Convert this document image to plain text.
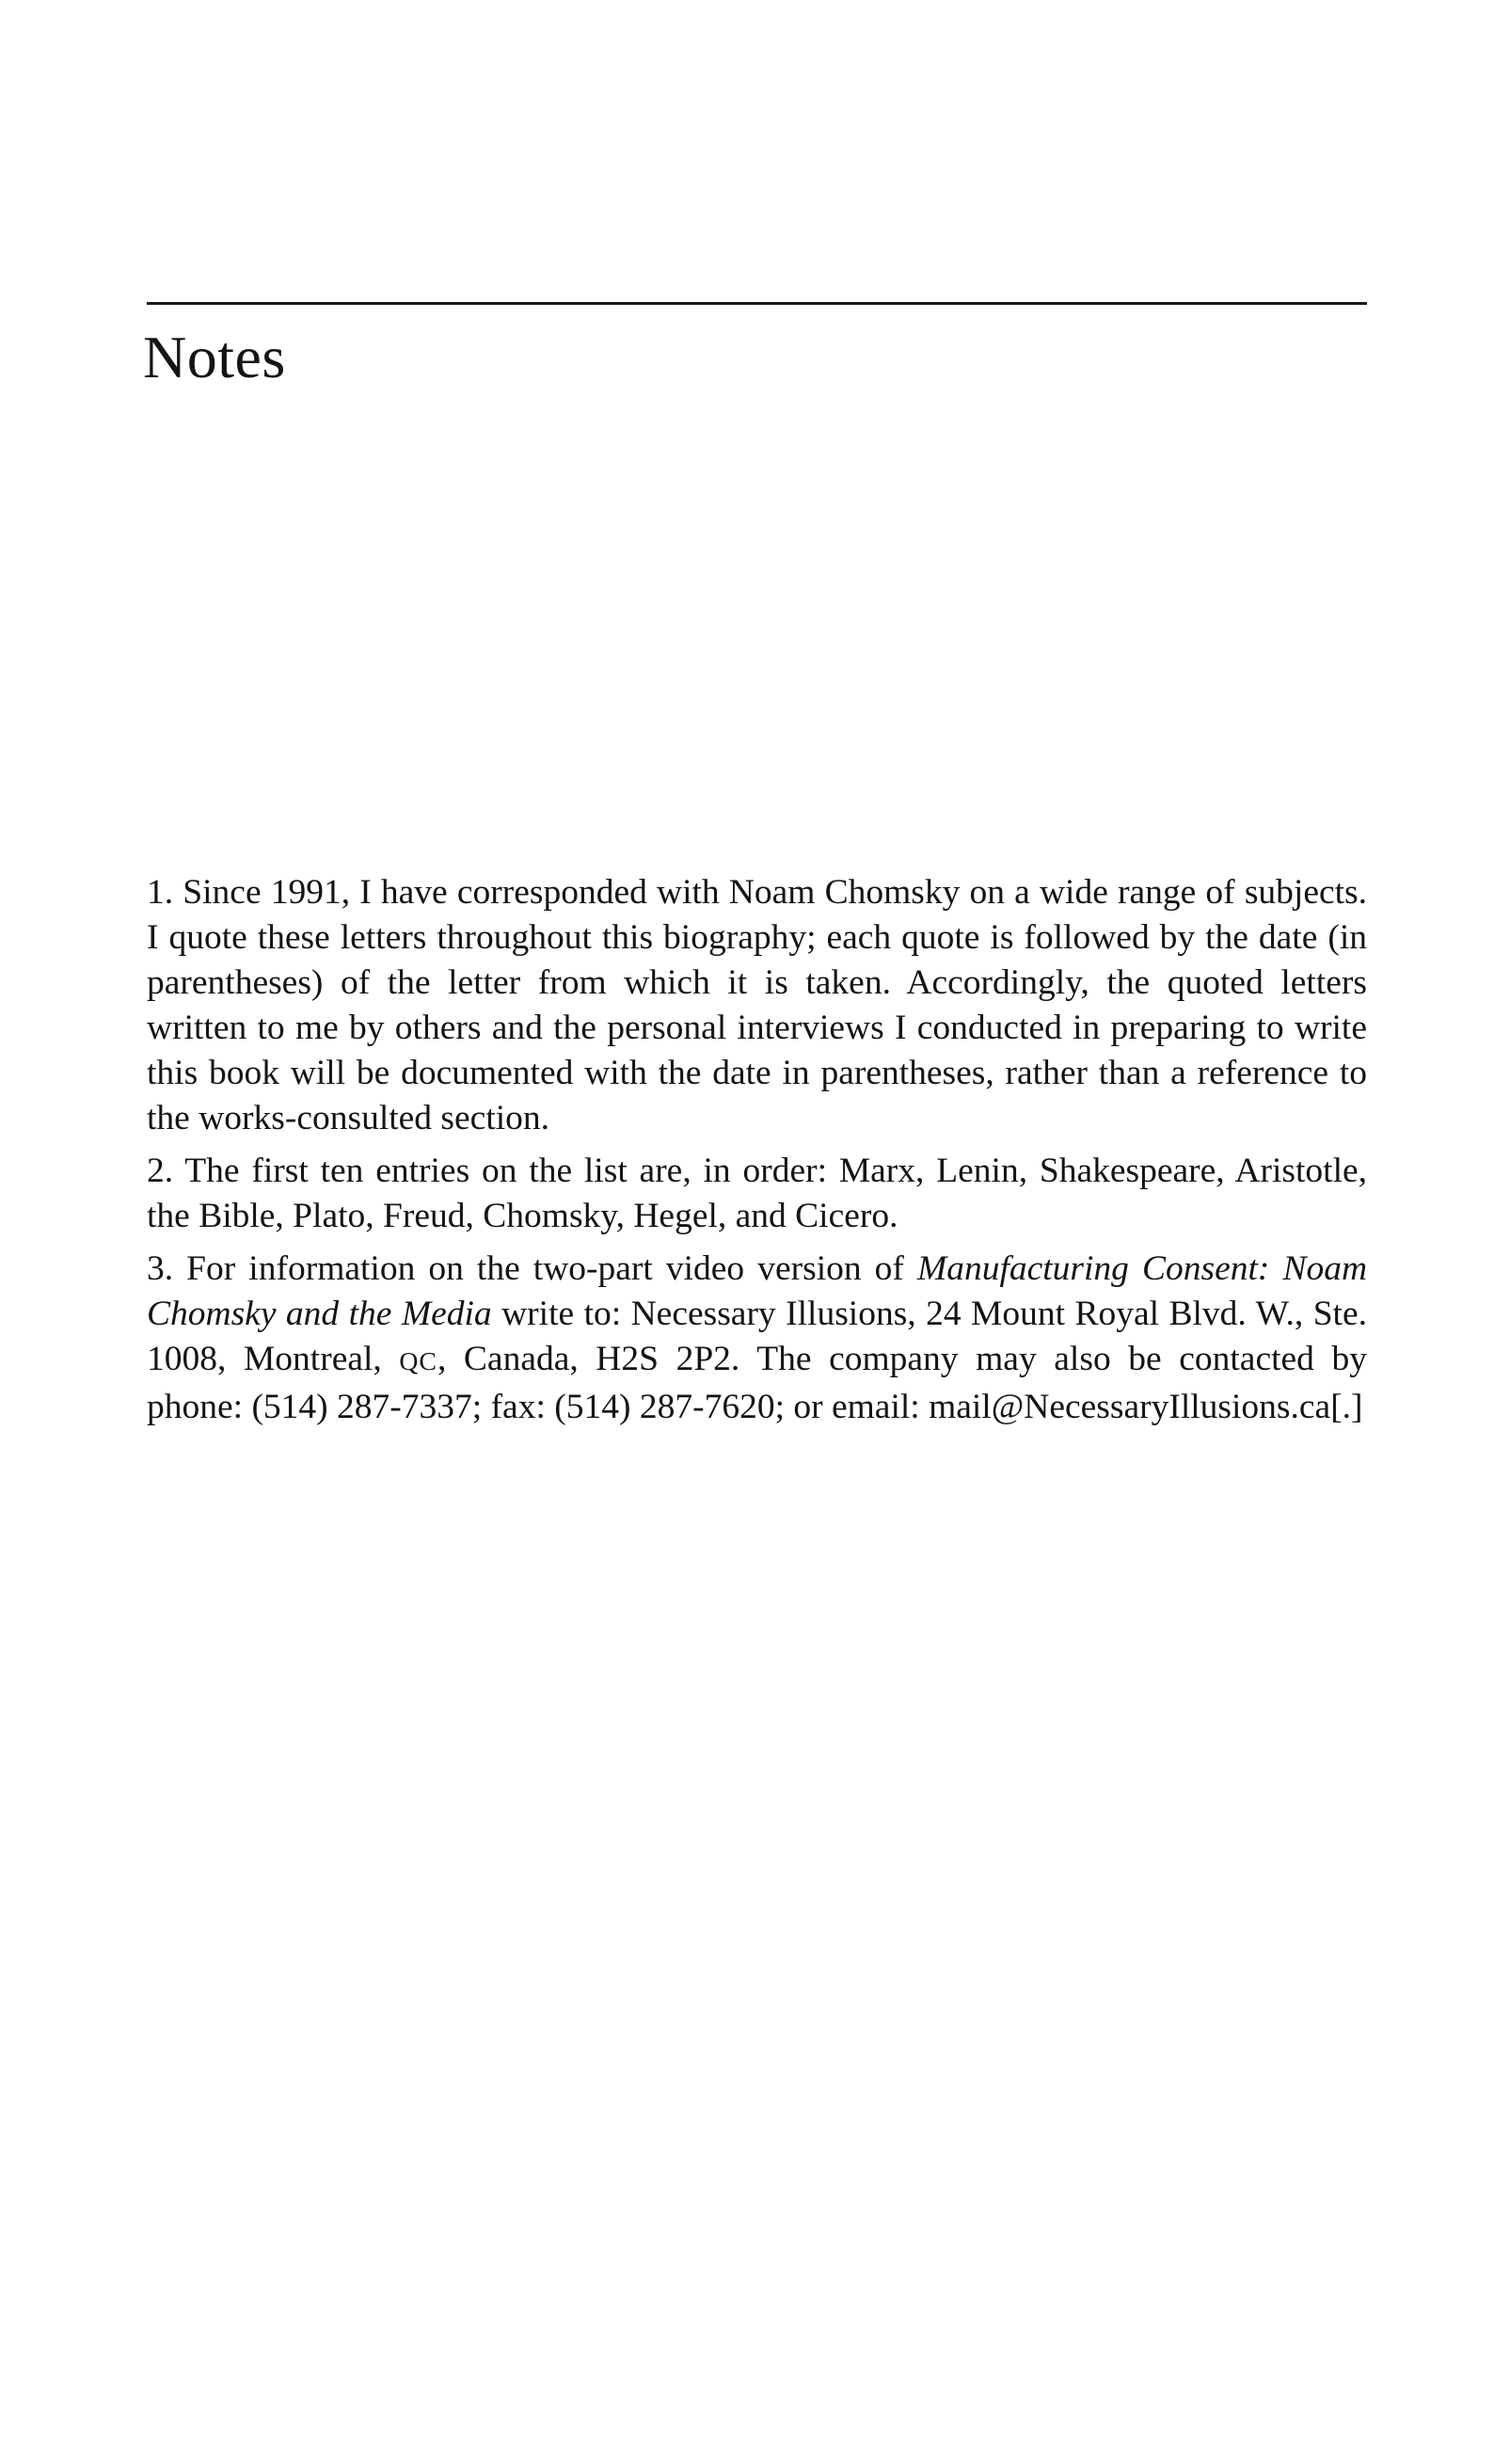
Notes

1. Since 1991, I have corresponded with Noam Chomsky on a wide range of subjects. I quote these letters throughout this biography; each quote is followed by the date (in parentheses) of the letter from which it is taken. Accordingly, the quoted letters written to me by others and the personal interviews I conducted in preparing to write this book will be documented with the date in parentheses, rather than a reference to the works-consulted section.

2. The first ten entries on the list are, in order: Marx, Lenin, Shakespeare, Aristotle, the Bible, Plato, Freud, Chomsky, Hegel, and Cicero.

3. For information on the two-part video version of Manufacturing Consent: Noam Chomsky and the Media write to: Necessary Illusions, 24 Mount Royal Blvd. W., Ste. 1008, Montreal, QC, Canada, H2S 2P2. The company may also be contacted by phone: (514) 287-7337; fax: (514) 287-7620; or email: mail@NecessaryIllusions.ca[.]
